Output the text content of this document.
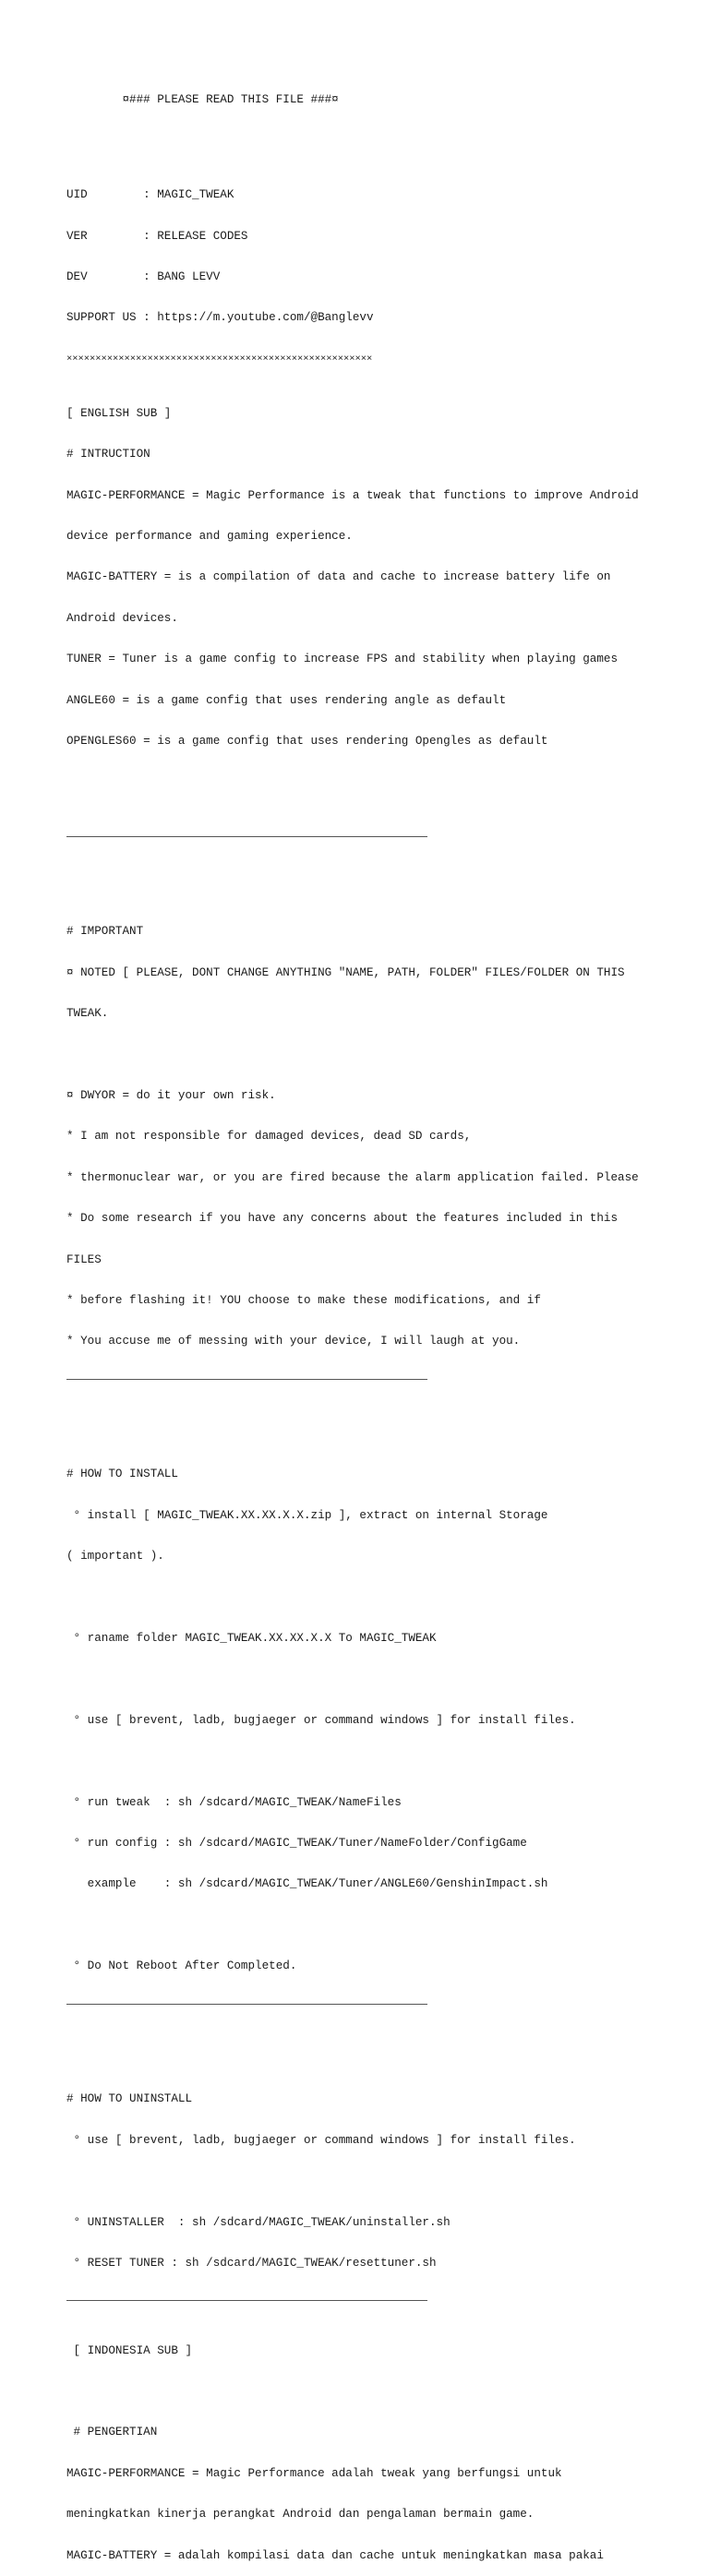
¤### PLEASE READ THIS FILE ###¤

UID        : MAGIC_TWEAK

VER        : RELEASE CODES

DEV        : BANG LEVV

SUPPORT US : https://m.youtube.com/@Banglevv

×××××××××××××××××××××××××××××××××××××××××××××××××××××

[ ENGLISH SUB ]

# INTRUCTION

MAGIC-PERFORMANCE = Magic Performance is a tweak that functions to improve Android

device performance and gaming experience.

MAGIC-BATTERY = is a compilation of data and cache to increase battery life on

Android devices.

TUNER = Tuner is a game config to increase FPS and stability when playing games

ANGLE60 = is a game config that uses rendering angle as default

OPENGLES60 = is a game config that uses rendering Opengles as default

# IMPORTANT

¤ NOTED [ PLEASE, DONT CHANGE ANYTHING "NAME, PATH, FOLDER" FILES/FOLDER ON THIS

TWEAK.

¤ DWYOR = do it your own risk.

* I am not responsible for damaged devices, dead SD cards,

* thermonuclear war, or you are fired because the alarm application failed. Please

* Do some research if you have any concerns about the features included in this

FILES

* before flashing it! YOU choose to make these modifications, and if

* You accuse me of messing with your device, I will laugh at you.

# HOW TO INSTALL

° install [ MAGIC_TWEAK.XX.XX.X.X.zip ], extract on internal Storage

( important ).

° raname folder MAGIC_TWEAK.XX.XX.X.X To MAGIC_TWEAK

° use [ brevent, ladb, bugjaeger or command windows ] for install files.

° run tweak  : sh /sdcard/MAGIC_TWEAK/NameFiles

° run config : sh /sdcard/MAGIC_TWEAK/Tuner/NameFolder/ConfigGame

example    : sh /sdcard/MAGIC_TWEAK/Tuner/ANGLE60/GenshinImpact.sh

° Do Not Reboot After Completed.

# HOW TO UNINSTALL

° use [ brevent, ladb, bugjaeger or command windows ] for install files.

° UNINSTALLER  : sh /sdcard/MAGIC_TWEAK/uninstaller.sh

° RESET TUNER : sh /sdcard/MAGIC_TWEAK/resettuner.sh

[ INDONESIA SUB ]

# PENGERTIAN

MAGIC-PERFORMANCE = Magic Performance adalah tweak yang berfungsi untuk

meningkatkan kinerja perangkat Android dan pengalaman bermain game.

MAGIC-BATTERY = adalah kompilasi data dan cache untuk meningkatkan masa pakai
